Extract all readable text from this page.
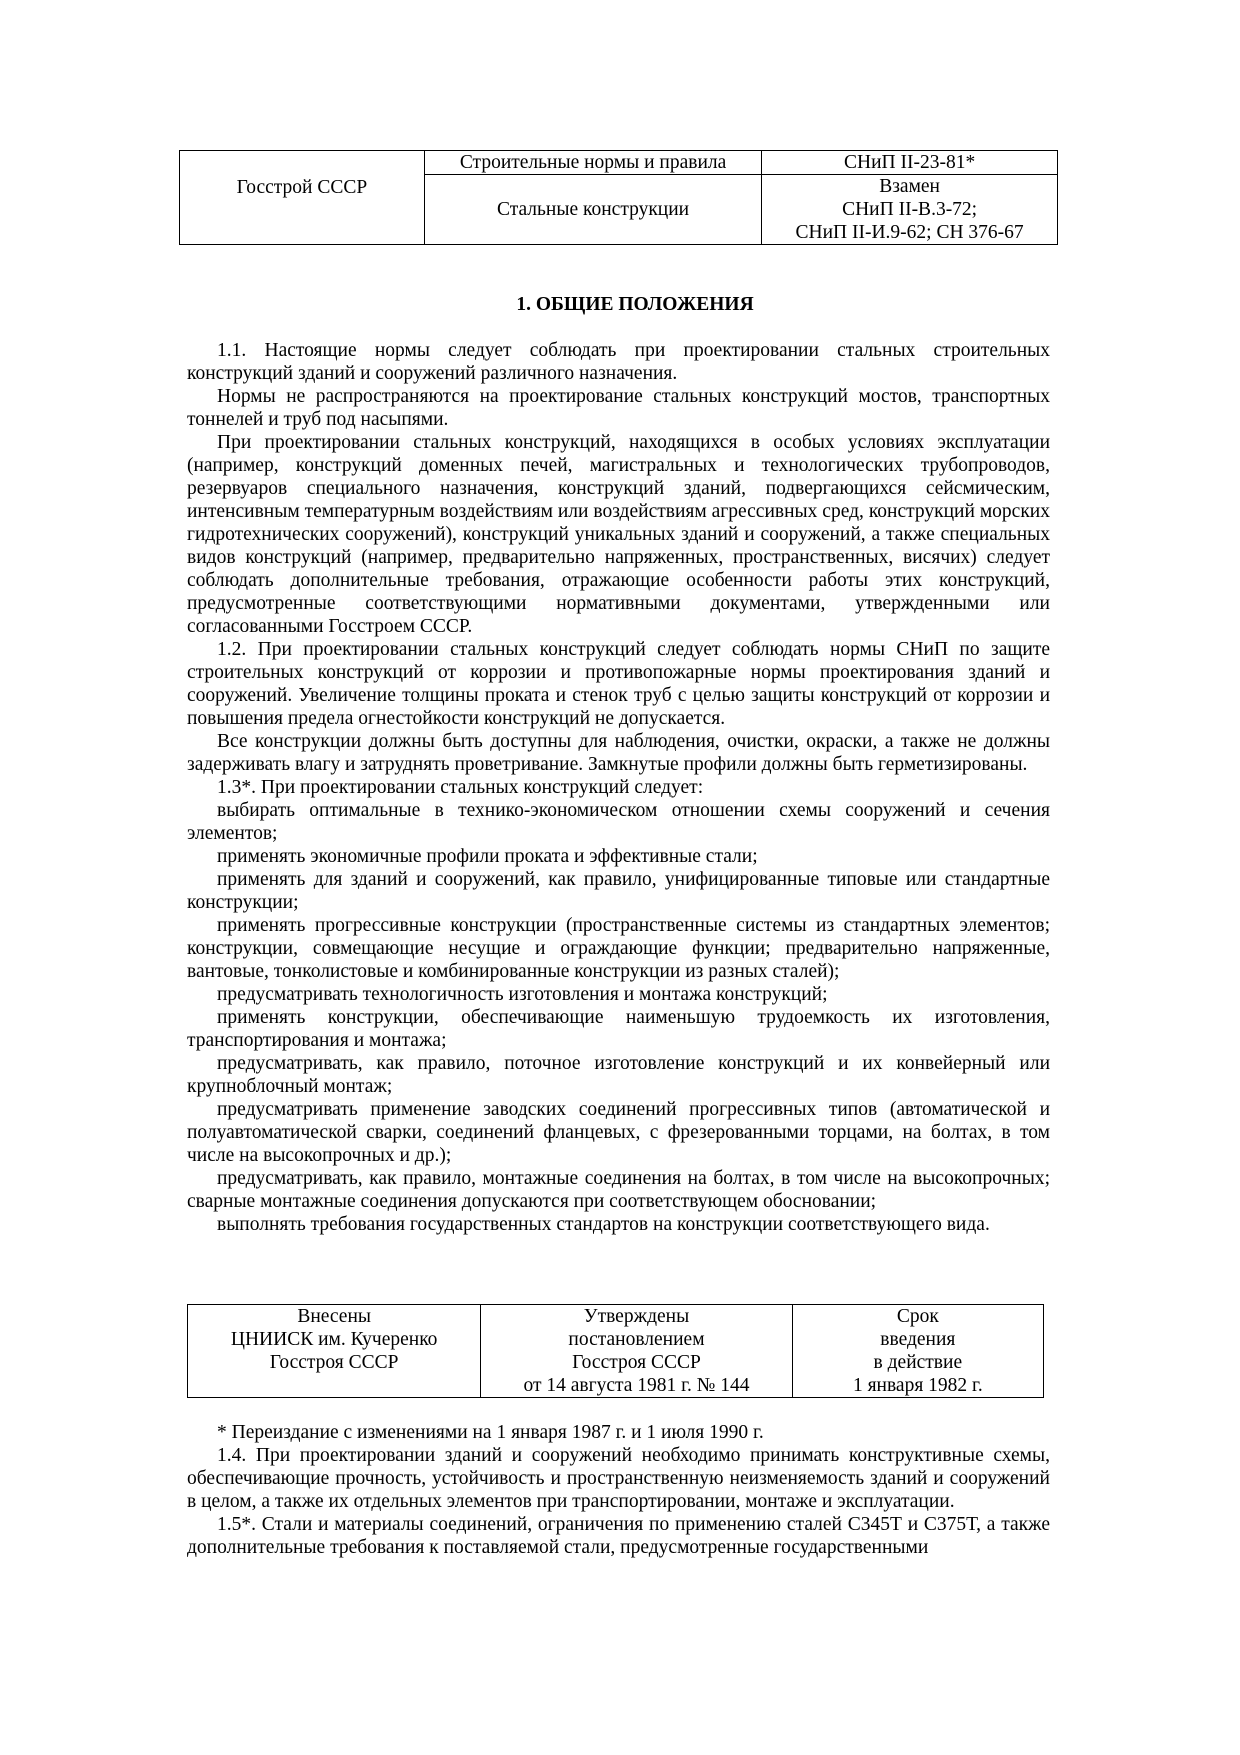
Госстрой СССР	Строительные нормы и правила	СНиП II-23-81*
	Стальные конструкции	Взамен
СНиП II-В.3-72;
СНиП II-И.9-62; СН 376-67
1. ОБЩИЕ ПОЛОЖЕНИЯ

1.1. Настоящие нормы следует соблюдать при проектировании стальных строительных конструкций зданий и сооружений различного назначения.

Нормы не распространяются на проектирование стальных конструкций мостов, транспортных тоннелей и труб под насыпями.

При проектировании стальных конструкций, находящихся в особых условиях эксплуатации (например, конструкций доменных печей, магистральных и технологических трубопроводов, резервуаров специального назначения, конструкций зданий, подвергающихся сейсмическим, интенсивным температурным воздействиям или воздействиям агрессивных сред, конструкций морских гидротехнических сооружений), конструкций уникальных зданий и сооружений, а также специальных видов конструкций (например, предварительно напряженных, пространственных, висячих) следует соблюдать дополнительные требования, отражающие особенности работы этих конструкций, предусмотренные соответствующими нормативными документами, утвержденными или согласованными Госстроем СССР.

1.2. При проектировании стальных конструкций следует соблюдать нормы СНиП по защите строительных конструкций от коррозии и противопожарные нормы проектирования зданий и сооружений. Увеличение толщины проката и стенок труб с целью защиты конструкций от коррозии и повышения предела огнестойкости конструкций не допускается.

Все конструкции должны быть доступны для наблюдения, очистки, окраски, а также не должны задерживать влагу и затруднять проветривание. Замкнутые профили должны быть герметизированы.

1.3*. При проектировании стальных конструкций следует:

выбирать оптимальные в технико-экономическом отношении схемы сооружений и сечения элементов;

применять экономичные профили проката и эффективные стали;

применять для зданий и сооружений, как правило, унифицированные типовые или стандартные конструкции;

применять прогрессивные конструкции (пространственные системы из стандартных элементов; конструкции, совмещающие несущие и ограждающие функции; предварительно напряженные, вантовые, тонколистовые и комбинированные конструкции из разных сталей);

предусматривать технологичность изготовления и монтажа конструкций;

применять конструкции, обеспечивающие наименьшую трудоемкость их изготовления, транспортирования и монтажа;

предусматривать, как правило, поточное изготовление конструкций и их конвейерный или крупноблочный монтаж;

предусматривать применение заводских соединений прогрессивных типов (автоматической и полуавтоматической сварки, соединений фланцевых, с фрезерованными торцами, на болтах, в том числе на высокопрочных и др.);

предусматривать, как правило, монтажные соединения на болтах, в том числе на высокопрочных; сварные монтажные соединения допускаются при соответствующем обосновании;

выполнять требования государственных стандартов на конструкции соответствующего вида.

Внесены
ЦНИИСК им. Кучеренко
Госстроя СССР

Утверждены
постановлением
Госстроя СССР
от 14 августа 1981 г. № 144

Срок
введения
в действие
1 января 1982 г.

* Переиздание с изменениями на 1 января 1987 г. и 1 июля 1990 г.

1.4. При проектировании зданий и сооружений необходимо принимать конструктивные схемы, обеспечивающие прочность, устойчивость и пространственную неизменяемость зданий и сооружений в целом, а также их отдельных элементов при транспортировании, монтаже и эксплуатации.

1.5*. Стали и материалы соединений, ограничения по применению сталей С345Т и С375Т, а также дополнительные требования к поставляемой стали, предусмотренные государственными
